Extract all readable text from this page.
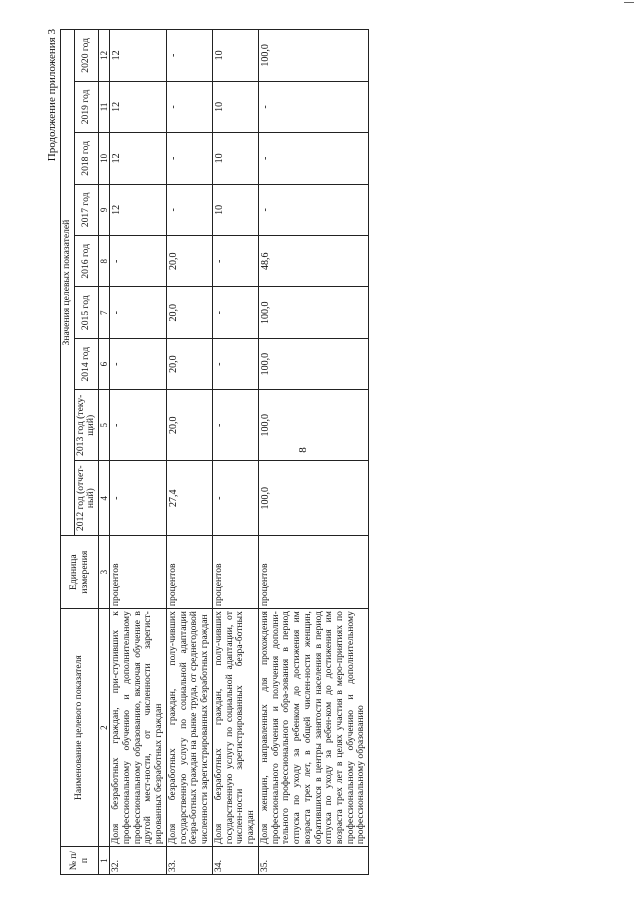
8
Продолжение приложения 3
№ п/п	Наименование целевого показателя	Единица измерения	Значения целевых показателей								
			2012 год (отчет-ный)	2013 год (теку-щий)	2014 год	2015 год	2016 год	2017 год	2018 год	2019 год	2020 год
1	2	3	4	5	6	7	8	9	10	11	12
32.	Доля безработных граждан, при-ступивших к профессиональному обучению и дополнительному профессиональному образованию, включая обучение в другой мест-ности, от численности зарегист-рированных безработных граждан	процентов	-	-	-	-	-	12	12	12	12
33.	Доля безработных граждан, полу-чивших государственную услугу по социальной адаптации безра-ботных граждан на рынке труда, от среднегодовой численности зарегистрированных безработных граждан	процентов	27,4	20,0	20,0	20,0	20,0	-	-	-	-
34.	Доля безработных граждан, полу-чивших государственную услугу по социальной адаптации, от числен-ности зарегистрированных безра-ботных граждан	процентов	-	-	-	-	-	10	10	10	10
35.	Доля женщин, направленных для прохождения профессионального обучения и получения дополни-тельного профессионального обра-зования в период отпуска по уходу за ребенком до достижения им возраста трех лет, в общей числен-ности женщин, обратившихся в центры занятости населения в период отпуска по уходу за ребен-ком до достижения им возраста трех лет в целях участия в меро-приятиях по профессиональному обучению и дополнительному профессиональному образованию	процентов	100,0	100,0	100,0	100,0	48,6	-	-	-	100,0
